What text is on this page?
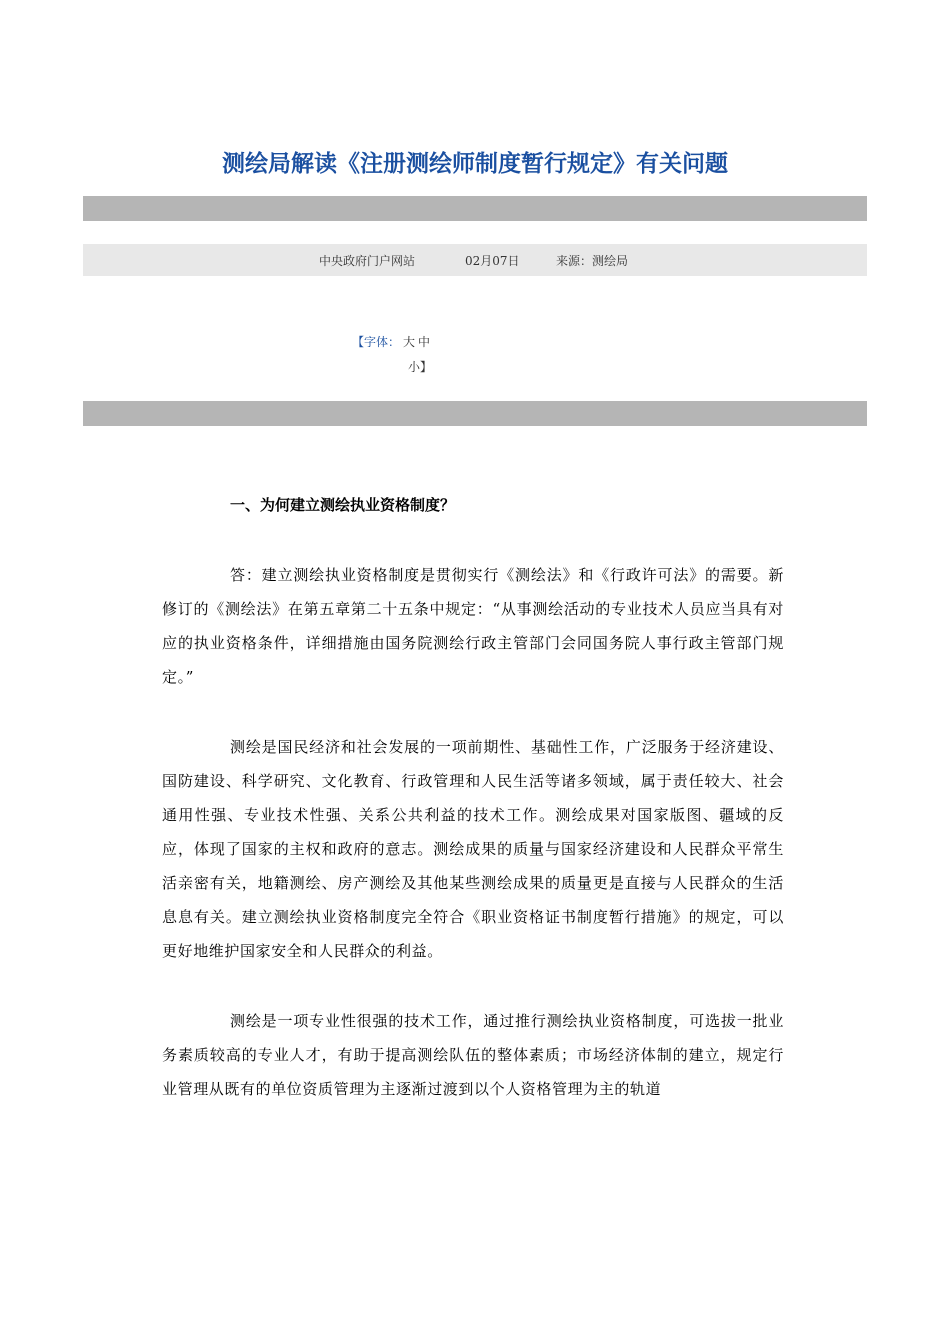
测绘局解读《注册测绘师制度暂行规定》有关问题
中央政府门户网站	02月07日	来源：测绘局
【字体： 大 中
小】
一、为何建立测绘执业资格制度？

答：建立测绘执业资格制度是贯彻实行《测绘法》和《行政许可法》的需要。新修订的《测绘法》在第五章第二十五条中规定：“从事测绘活动的专业技术人员应当具有对应的执业资格条件，详细措施由国务院测绘行政主管部门会同国务院人事行政主管部门规定。”

测绘是国民经济和社会发展的一项前期性、基础性工作，广泛服务于经济建设、国防建设、科学研究、文化教育、行政管理和人民生活等诸多领域，属于责任较大、社会通用性强、专业技术性强、关系公共利益的技术工作。测绘成果对国家版图、疆域的反应，体现了国家的主权和政府的意志。测绘成果的质量与国家经济建设和人民群众平常生活亲密有关，地籍测绘、房产测绘及其他某些测绘成果的质量更是直接与人民群众的生活息息有关。建立测绘执业资格制度完全符合《职业资格证书制度暂行措施》的规定，可以更好地维护国家安全和人民群众的利益。

测绘是一项专业性很强的技术工作，通过推行测绘执业资格制度，可选拔一批业务素质较高的专业人才，有助于提高测绘队伍的整体素质；市场经济体制的建立，规定行业管理从既有的单位资质管理为主逐渐过渡到以个人资格管理为主的轨道
